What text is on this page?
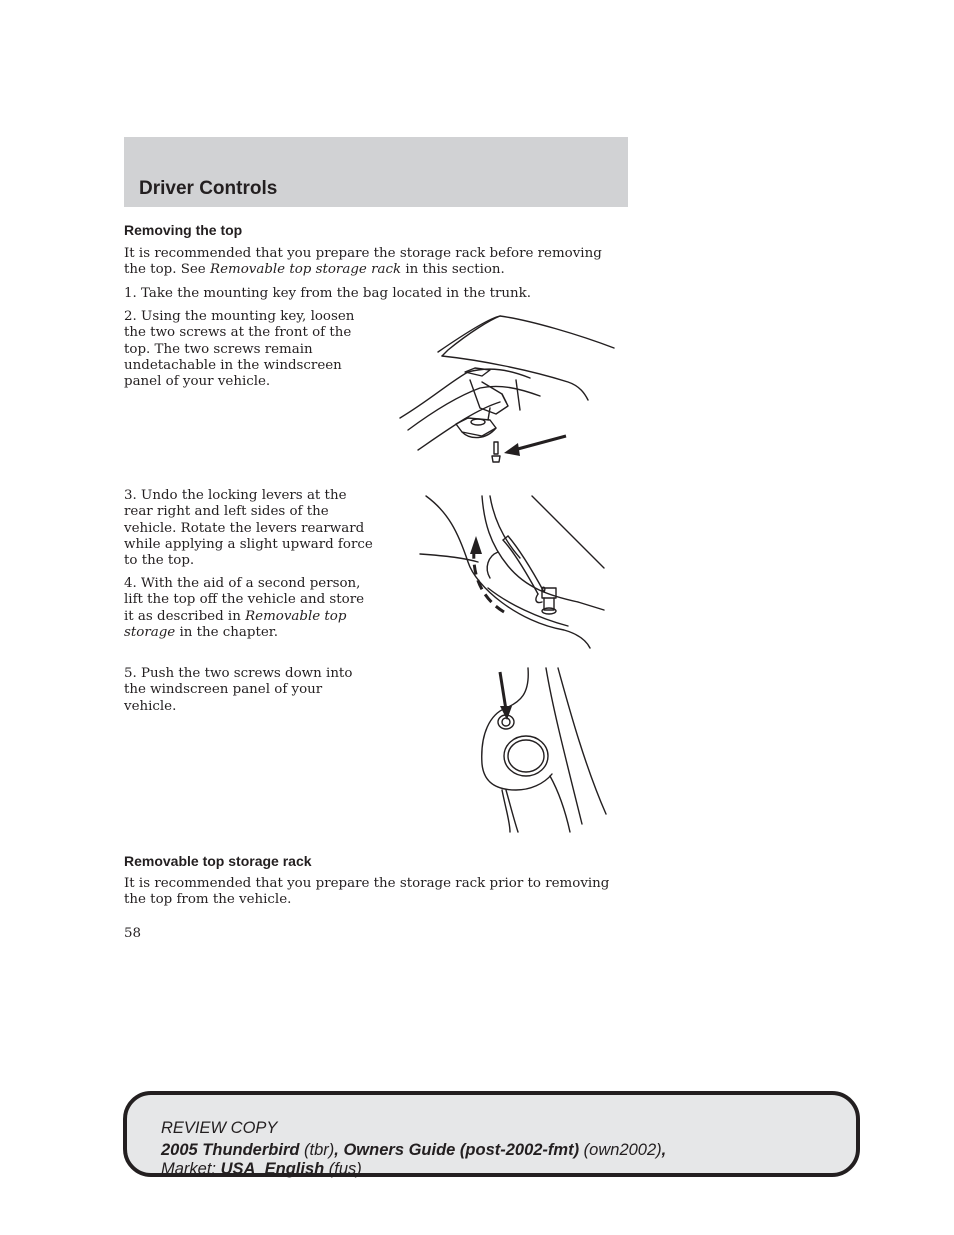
Driver Controls
Removing the top

It is recommended that you prepare the storage rack before removing the top. See Removable top storage rack in this section.

1. Take the mounting key from the bag located in the trunk.

2. Using the mounting key, loosen the two screws at the front of the top. The two screws remain undetachable in the windscreen panel of your vehicle.

3. Undo the locking levers at the rear right and left sides of the vehicle. Rotate the levers rearward while applying a slight upward force to the top.

4. With the aid of a second person, lift the top off the vehicle and store it as described in Removable top storage in the chapter.

5. Push the two screws down into the windscreen panel of your vehicle.

Removable top storage rack

It is recommended that you prepare the storage rack prior to removing the top from the vehicle.

58

REVIEW COPY

2005 Thunderbird (tbr), Owners Guide (post-2002-fmt) (own2002),

Market: USA_English (fus)
